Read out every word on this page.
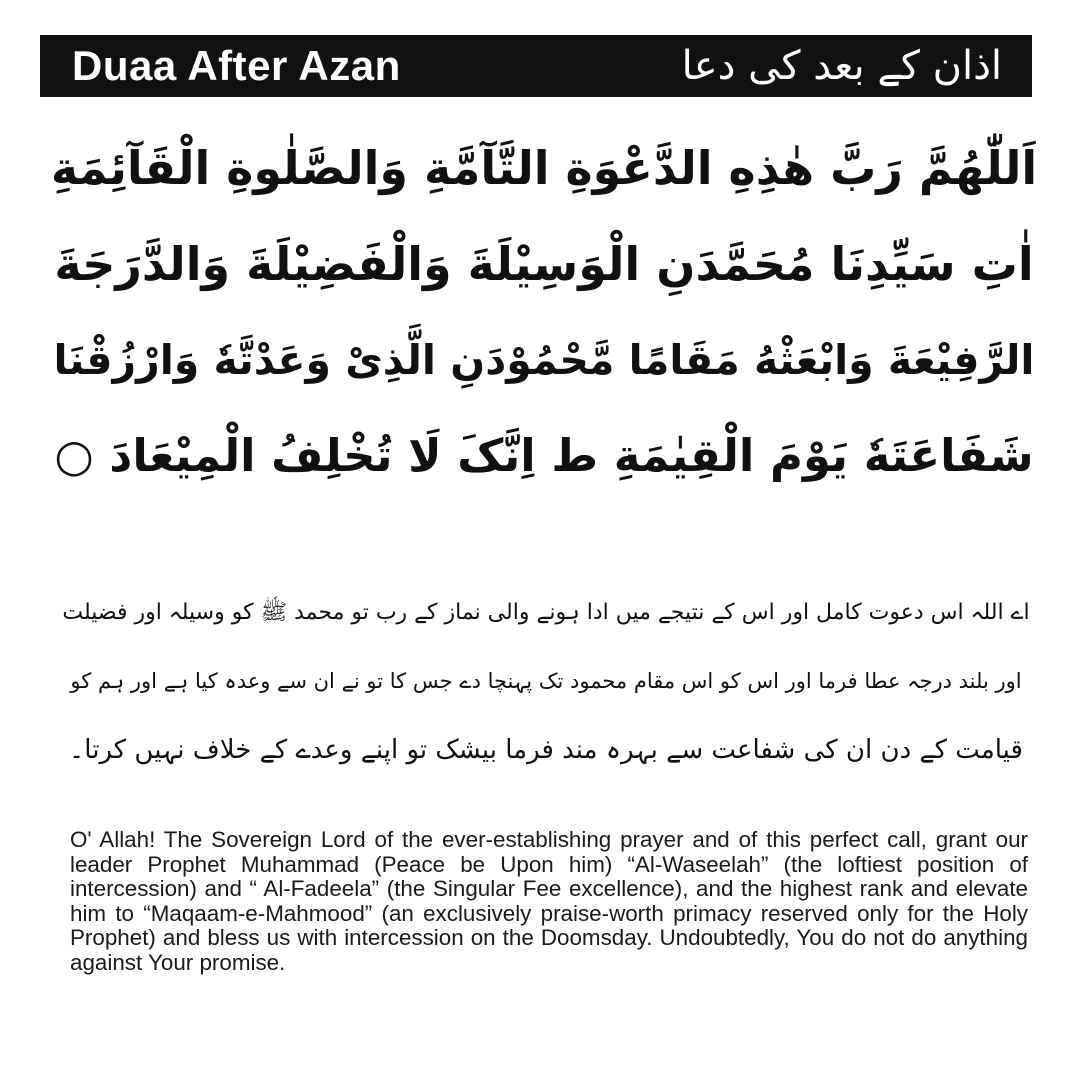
Duaa After Azan	اذان کے بعد کی دعا
اَللّٰهُمَّ رَبَّ هٰذِهِ الدَّعْوَةِ التَّآمَّةِ وَالصَّلٰوةِ الْقَآئِمَةِ
اٰتِ سَیِّدِنَا مُحَمَّدَنِ الْوَسِیْلَةَ وَالْفَضِیْلَةَ وَالدَّرَجَةَ
الرَّفِیْعَةَ وَابْعَثْهُ مَقَامًا مَّحْمُوْدَنِ الَّذِیْ وَعَدْتَّهٗ وَارْزُقْنَا
شَفَاعَتَهٗ یَوْمَ الْقِیٰمَةِ ط اِنَّکَ لَا تُخْلِفُ الْمِیْعَادَ ○
اے اللہ اس دعوت کامل اور اس کے نتیجے میں ادا ہونے والی نماز کے رب تو محمد ﷺ کو وسیلہ اور فضیلت
اور بلند درجہ عطا فرما اور اس کو اس مقام محمود تک پہنچا دے جس کا تو نے ان سے وعدہ کیا ہے اور ہم کو
قیامت کے دن ان کی شفاعت سے بہرہ مند فرما بیشک تو اپنے وعدے کے خلاف نہیں کرتا۔

O' Allah! The Sovereign Lord of the ever-establishing prayer and of this perfect call, grant our leader Prophet Muhammad (Peace be Upon him) “Al-Waseelah” (the loftiest position of intercession) and “ Al-Fadeela” (the Singular Fee excellence), and the highest rank and elevate him to “Maqaam-e-Mahmood” (an exclusively praise-worth primacy reserved only for the Holy Prophet) and bless us with intercession on the Doomsday. Undoubtedly, You do not do anything against Your promise.
